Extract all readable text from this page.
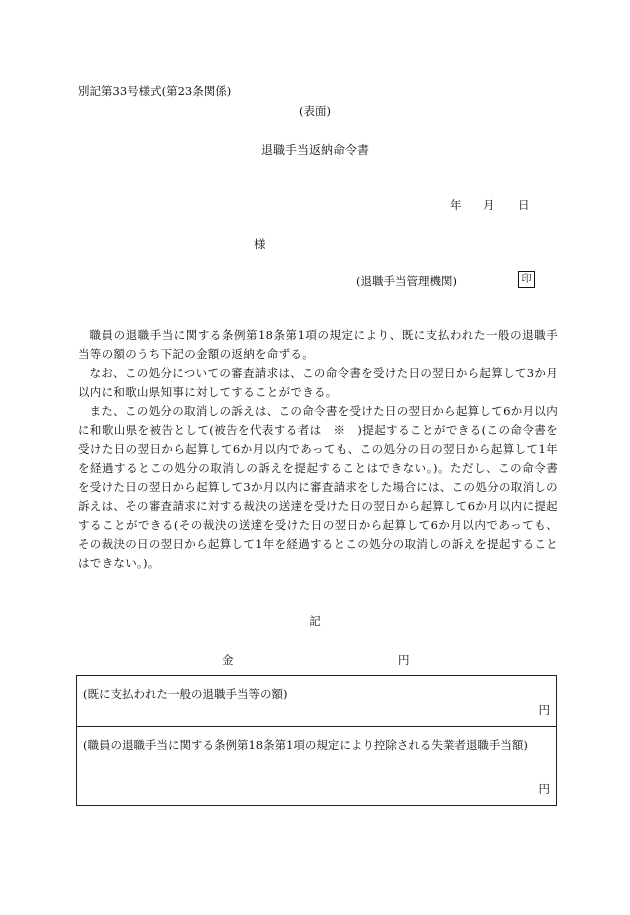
別記第33号様式(第23条関係)
(表面)
退職手当返納命令書
年 月 日
様
(退職手当管理機関)	印

職員の退職手当に関する条例第18条第1項の規定により、既に支払われた一般の退職手当等の額のうち下記の金額の返納を命ずる。

なお、この処分についての審査請求は、この命令書を受けた日の翌日から起算して3か月以内に和歌山県知事に対してすることができる。

また、この処分の取消しの訴えは、この命令書を受けた日の翌日から起算して6か月以内に和歌山県を被告として(被告を代表する者は　※　)提起することができる(この命令書を受けた日の翌日から起算して6か月以内であっても、この処分の日の翌日から起算して1年を経過するとこの処分の取消しの訴えを提起することはできない。)。ただし、この命令書を受けた日の翌日から起算して3か月以内に審査請求をした場合には、この処分の取消しの訴えは、その審査請求に対する裁決の送達を受けた日の翌日から起算して6か月以内に提起することができる(その裁決の送達を受けた日の翌日から起算して6か月以内であっても、その裁決の日の翌日から起算して1年を経過するとこの処分の取消しの訴えを提起することはできない。)。

記
金	円
(既に支払われた一般の退職手当等の額)
円
(職員の退職手当に関する条例第18条第1項の規定により控除される失業者退職手当額)
円
